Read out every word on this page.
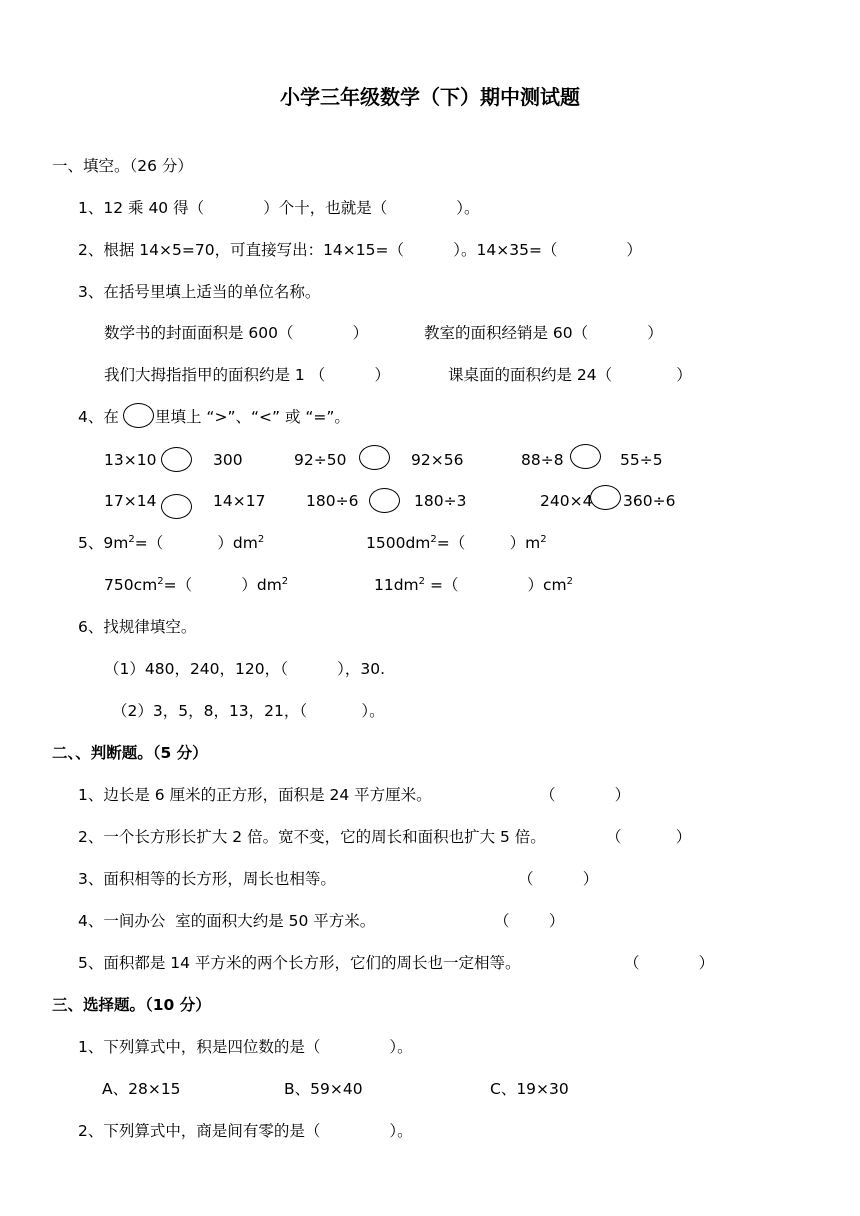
小学三年级数学（下）期中测试题
一、填空。（26 分）
1、12 乘 40 得（            ）个十，也就是（              ）。
2、根据 14×5=70，可直接写出：14×15=（          ）。14×35=（              ）
3、在括号里填上适当的单位名称。
数学书的封面面积是 600（            ）	教室的面积经销是 60（            ）
我们大拇指指甲的面积约是 1 （          ）	课桌面的面积约是 24（             ）
4、在 里填上 “>”、“<” 或 “=”。
13×10	300	92÷50	92×56	88÷8	55÷5
17×14	14×17	180÷6	180÷3	240×4 360÷6
5、$9m^2=$（           ）$dm^2$	$1500dm^2=$（         ）$m^2$
$750cm^2=$（          ）$dm^2$	$11dm^2$ =（              ）$cm^2$
6、找规律填空。
（1）480，240，120，（          ），30.
（2）3，5，8，13，21，（           ）。
二、、判断题。（5 分）
1、边长是 6 厘米的正方形，面积是 24 平方厘米。	（            ）
2、一个长方形长扩大 2 倍。宽不变，它的周长和面积也扩大 5 倍。	（           ）
3、面积相等的长方形，周长也相等。	（          ）
4、一间办公  室的面积大约是 50 平方米。	（        ）
5、面积都是 14 平方米的两个长方形，它们的周长也一定相等。	（            ）
三、选择题。（10 分）
1、下列算式中，积是四位数的是（              ）。
A、28×15	B、59×40	C、19×30
2、下列算式中，商是间有零的是（              ）。
